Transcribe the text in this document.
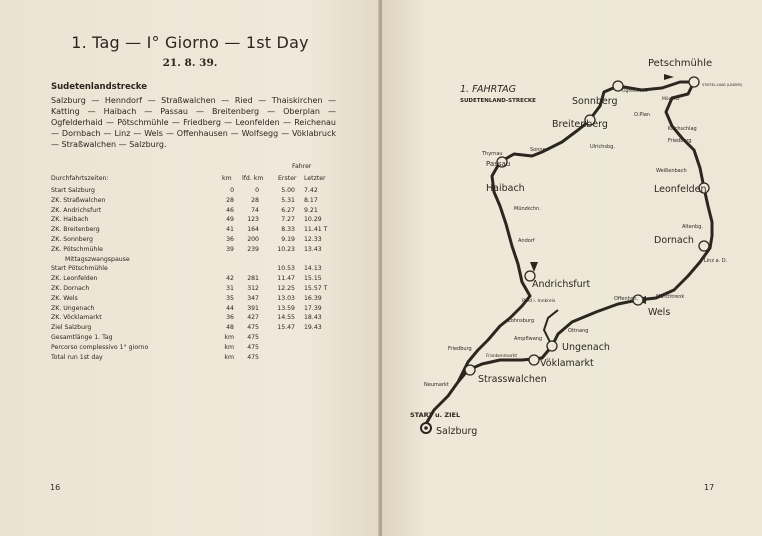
1. Tag — I° Giorno — 1st Day
21. 8. 39.
Sudetenlandstrecke
Salzburg — Henndorf — Straßwalchen — Ried — Thaiskirchen — Katting — Haibach — Passau — Breitenberg — Oberplan — Ogfelderhaid — Pötschmühle — Friedberg — Leonfelden — Reichenau — Dornbach — Linz — Wels — Offenhausen — Wolfsegg — Vöklabruck — Straßwalchen — Salzburg.
Fahrer
Durchfahrtszeiten:	km lfd. km Erster Letzter
Start Salzburg	0	0	5.00 7.42
ZK. Straßwalchen	28	28	5.31 8.17
ZK. Andrichsfurt	46	74	6.27 9.21
ZK. Haibach	49	123	7.27 10.29
ZK. Breitenberg	41	164	8.33 11.41 T
ZK. Sonnberg	36	200	9.19 12.33
ZK. Pötschmühle	39	239	10.23 13.43
Mittagszwangspause
Start Pötschmühle	10.53 14.13
ZK. Leonfelden	42	281	11.47 15.15
ZK. Dornach	31	312	12.25 15.57 T
ZK. Wels	35	347	13.03 16.39
ZK. Ungenach	44	391	13.59 17.39
ZK. Vöcklamarkt	36	427	14.55 18.43
Ziel Salzburg	48	475	15.47 19.43
Gesamtlänge 1. Tag	km	475
Percorso complessivo 1° giorno	km	475
Total run 1st day	km	475
16
1. FAHRTAG
SUDETENLAND-STRECKE
Petschmühle
Sonnberg
Breitenberg
Passau
Haibach	Leonfelden
Dornach
Andrichsfurt
Wels
Ungenach
Vöklamarkt
Strasswalchen
Salzburg
START u. ZIEL
Thyrnau
Sonnen	Ulrichsbg.
O.Plan
Ogfelderhd.
Mörwitz
STIEFEL-HAID (LINZER)
Kirchschlag
Friedberg
Weißenbach
Altenbg.
Linz a. D.
Marchtrenk
Offenhsn.
Münzkchn.
Andorf
Ried i. Innkreis
Lohnsburg
Ampflwang
Ottnang
Friedburg
Frankenmarkt
Neumarkt
17
